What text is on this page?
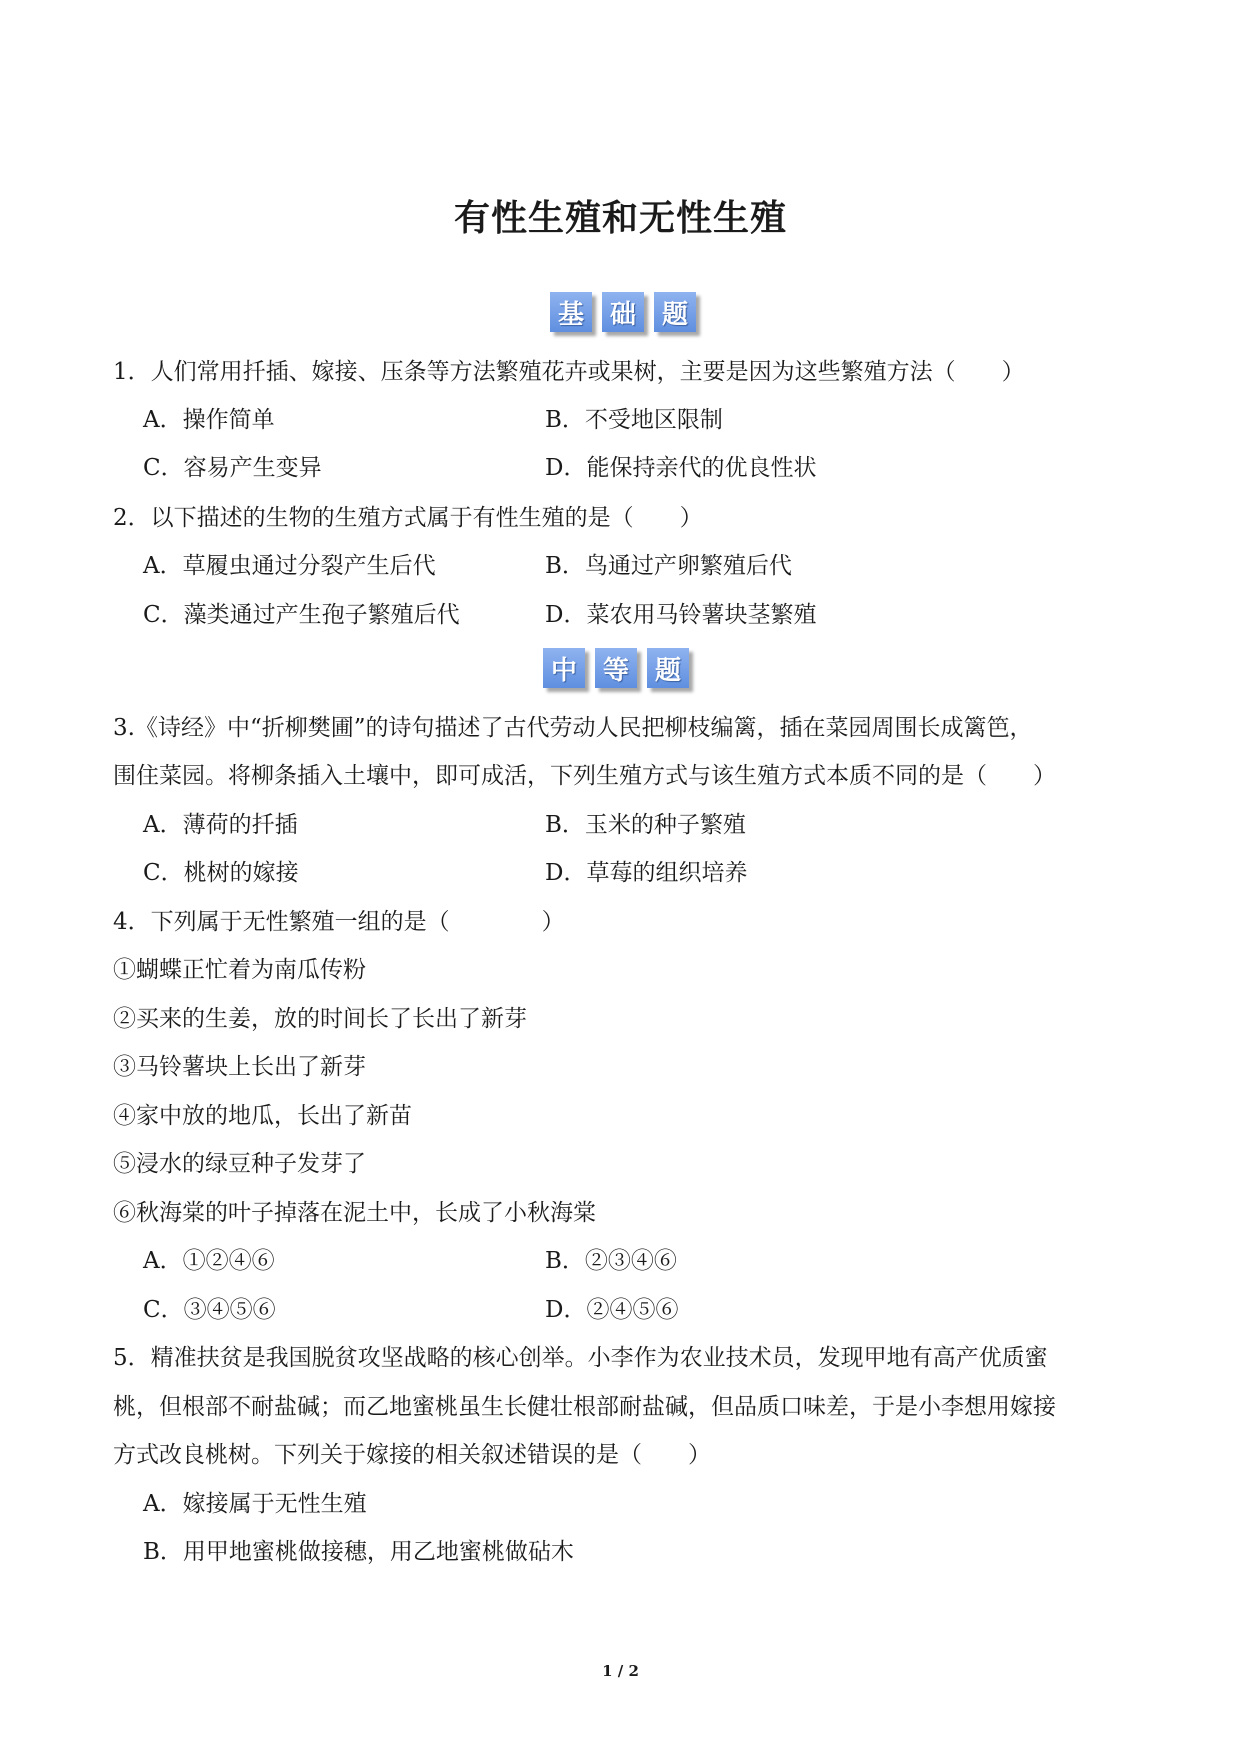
有性生殖和无性生殖
基 础 题
1．人们常用扦插、嫁接、压条等方法繁殖花卉或果树，主要是因为这些繁殖方法（　　）
A．操作简单	B．不受地区限制
C．容易产生变异	D．能保持亲代的优良性状
2．以下描述的生物的生殖方式属于有性生殖的是（　　）
A．草履虫通过分裂产生后代	B．鸟通过产卵繁殖后代
C．藻类通过产生孢子繁殖后代	D．菜农用马铃薯块茎繁殖
中 等 题
3.《诗经》中“折柳樊圃”的诗句描述了古代劳动人民把柳枝编篱，插在菜园周围长成篱笆，
围住菜园。将柳条插入土壤中，即可成活，下列生殖方式与该生殖方式本质不同的是（　　）
A．薄荷的扦插	B．玉米的种子繁殖
C．桃树的嫁接	D．草莓的组织培养
4．下列属于无性繁殖一组的是（　　　　）
①蝴蝶正忙着为南瓜传粉
②买来的生姜，放的时间长了长出了新芽
③马铃薯块上长出了新芽
④家中放的地瓜，长出了新苗
⑤浸水的绿豆种子发芽了
⑥秋海棠的叶子掉落在泥土中，长成了小秋海棠
A．①②④⑥	B．②③④⑥
C．③④⑤⑥	D．②④⑤⑥
5．精准扶贫是我国脱贫攻坚战略的核心创举。小李作为农业技术员，发现甲地有高产优质蜜
桃，但根部不耐盐碱；而乙地蜜桃虽生长健壮根部耐盐碱，但品质口味差，于是小李想用嫁接
方式改良桃树。下列关于嫁接的相关叙述错误的是（　　）
A．嫁接属于无性生殖
B．用甲地蜜桃做接穗，用乙地蜜桃做砧木
1 / 2
